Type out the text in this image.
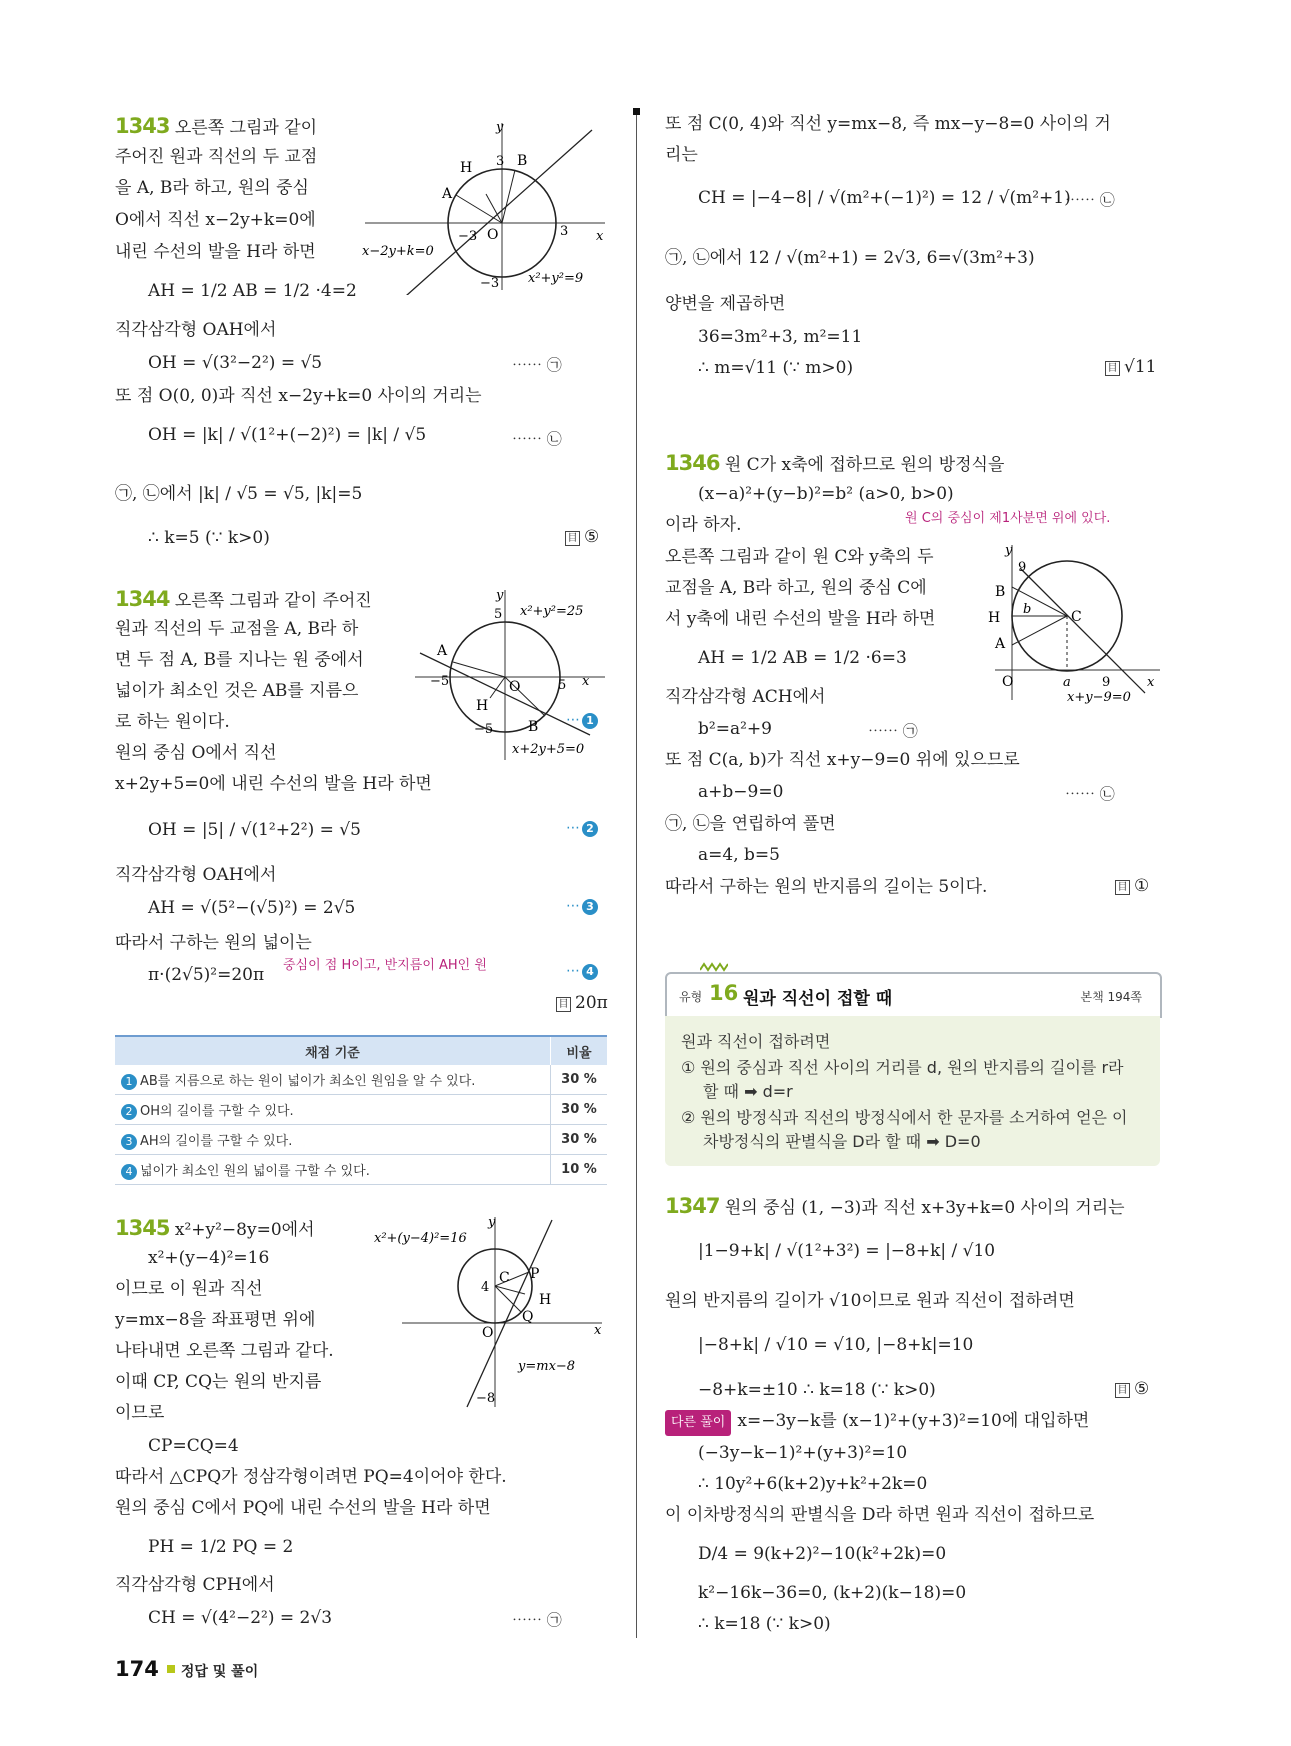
1343 오른쪽 그림과 같이
주어진 원과 직선의 두 교점
을 A, B라 하고, 원의 중심
O에서 직선 x−2y+k=0에
내린 수선의 발을 H라 하면
AH = 1/2 AB = 1/2 ·4=2
직각삼각형 OAH에서
OH = √(3²−2²) = √5	⋯⋯ ㉠
또 점 O(0, 0)과 직선 x−2y+k=0 사이의 거리는
OH = |k| / √(1²+(−2)²) = |k| / √5	⋯⋯ ㉡
㉠, ㉡에서 |k| / √5 = √5, |k|=5
∴ k=5 (∵ k>0)	目 ⑤
y
x
3
3
−3
−3
B
H
A
O
x−2y+k=0
x²+y²=9
1344 오른쪽 그림과 같이 주어진
원과 직선의 두 교점을 A, B라 하
면 두 점 A, B를 지나는 원 중에서
넓이가 최소인 것은 AB를 지름으
로 하는 원이다.	⋯ 1
원의 중심 O에서 직선
x+2y+5=0에 내린 수선의 발을 H라 하면
OH = |5| / √(1²+2²) = √5	⋯ 2
직각삼각형 OAH에서
AH = √(5²−(√5)²) = 2√5	⋯ 3
따라서 구하는 원의 넓이는
중심이 점 H이고, 반지름이 AH인 원
π·(2√5)²=20π	⋯ 4
目 20π
y
x
5
5
−5
−5
A
O
H
B
x²+y²=25
x+2y+5=0
채점 기준	비율
1 AB를 지름으로 하는 원이 넓이가 최소인 원임을 알 수 있다.	30 %
2 OH의 길이를 구할 수 있다.	30 %
3 AH의 길이를 구할 수 있다.	30 %
4 넓이가 최소인 원의 넓이를 구할 수 있다.	10 %
1345 x²+y²−8y=0에서
x²+(y−4)²=16
이므로 이 원과 직선
y=mx−8을 좌표평면 위에
나타내면 오른쪽 그림과 같다.
이때 CP, CQ는 원의 반지름
이므로
CP=CQ=4
따라서 △CPQ가 정삼각형이려면 PQ=4이어야 한다.
원의 중심 C에서 PQ에 내린 수선의 발을 H라 하면
PH = 1/2 PQ = 2
직각삼각형 CPH에서
CH = √(4²−2²) = 2√3	⋯⋯ ㉠
x²+(y−4)²=16
y
x
4
C P
H
Q
O
−8
y=mx−8
또 점 C(0, 4)와 직선 y=mx−8, 즉 mx−y−8=0 사이의 거
리는
CH = |−4−8| / √(m²+(−1)²) = 12 / √(m²+1)
⋯⋯ ㉡
㉠, ㉡에서 12 / √(m²+1) = 2√3, 6=√(3m²+3)
양변을 제곱하면
36=3m²+3, m²=11
∴ m=√11 (∵ m>0)	目 √11
1346 원 C가 x축에 접하므로 원의 방정식을
(x−a)²+(y−b)²=b² (a>0, b>0)
원 C의 중심이 제1사분면 위에 있다.
이라 하자.
오른쪽 그림과 같이 원 C와 y축의 두
교점을 A, B라 하고, 원의 중심 C에
서 y축에 내린 수선의 발을 H라 하면
AH = 1/2 AB = 1/2 ·6=3
직각삼각형 ACH에서
b²=a²+9	⋯⋯ ㉠
또 점 C(a, b)가 직선 x+y−9=0 위에 있으므로
a+b−9=0	⋯⋯ ㉡
㉠, ㉡을 연립하여 풀면
a=4, b=5
따라서 구하는 원의 반지름의 길이는 5이다.	目 ①
y
9
B
H
A
b	C
O	a 9	x
x+y−9=0
유형 16 원과 직선이 접할 때	본책 194쪽
원과 직선이 접하려면
① 원의 중심과 직선 사이의 거리를 d, 원의 반지름의 길이를 r라
할 때 ➡ d=r
② 원의 방정식과 직선의 방정식에서 한 문자를 소거하여 얻은 이
차방정식의 판별식을 D라 할 때 ➡ D=0
1347 원의 중심 (1, −3)과 직선 x+3y+k=0 사이의 거리는
|1−9+k| / √(1²+3²) = |−8+k| / √10
원의 반지름의 길이가 √10이므로 원과 직선이 접하려면
|−8+k| / √10 = √10, |−8+k|=10
−8+k=±10 ∴ k=18 (∵ k>0)	目 ⑤
다른 풀이 x=−3y−k를 (x−1)²+(y+3)²=10에 대입하면
(−3y−k−1)²+(y+3)²=10
∴ 10y²+6(k+2)y+k²+2k=0
이 이차방정식의 판별식을 D라 하면 원과 직선이 접하므로
D/4 = 9(k+2)²−10(k²+2k)=0
k²−16k−36=0, (k+2)(k−18)=0
∴ k=18 (∵ k>0)
174 정답 및 풀이
